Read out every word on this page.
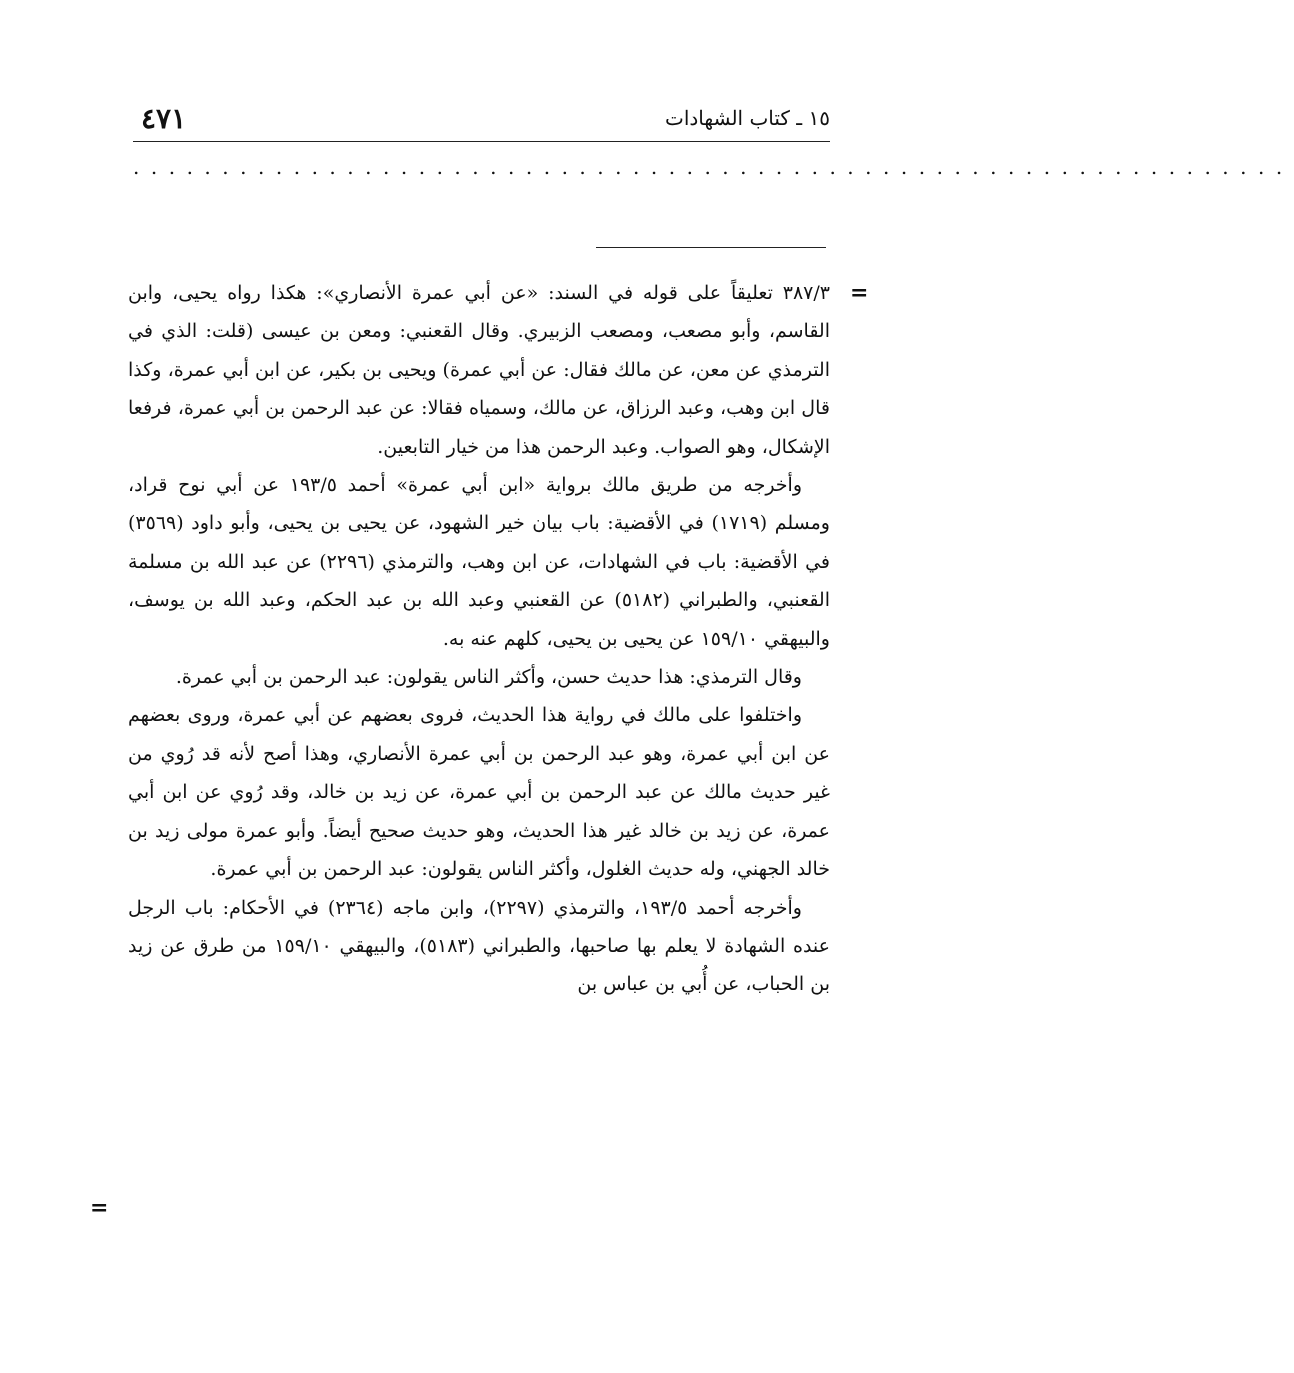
٤٧١	١٥ ـ كتاب الشهادات
.................................................................
=
=

٣٨٧/٣ تعليقاً على قوله في السند: «عن أبي عمرة الأنصاري»: هكذا رواه يحيى، وابن القاسم، وأبو مصعب، ومصعب الزبيري. وقال القعنبي: ومعن بن عيسى (قلت: الذي في الترمذي عن معن، عن مالك فقال: عن أبي عمرة) ويحيى بن بكير، عن ابن أبي عمرة، وكذا قال ابن وهب، وعبد الرزاق، عن مالك، وسمياه فقالا: عن عبد الرحمن بن أبي عمرة، فرفعا الإشكال، وهو الصواب. وعبد الرحمن هذا من خيار التابعين.

وأخرجه من طريق مالك برواية «ابن أبي عمرة» أحمد ١٩٣/٥ عن أبي نوح قراد، ومسلم (١٧١٩) في الأقضية: باب بيان خير الشهود، عن يحيى بن يحيى، وأبو داود (٣٥٦٩) في الأقضية: باب في الشهادات، عن ابن وهب، والترمذي (٢٢٩٦) عن عبد الله بن مسلمة القعنبي، والطبراني (٥١٨٢) عن القعنبي وعبد الله بن عبد الحكم، وعبد الله بن يوسف، والبيهقي ١٥٩/١٠ عن يحيى بن يحيى، كلهم عنه به.

وقال الترمذي: هذا حديث حسن، وأكثر الناس يقولون: عبد الرحمن بن أبي عمرة.

واختلفوا على مالك في رواية هذا الحديث، فروى بعضهم عن أبي عمرة، وروى بعضهم عن ابن أبي عمرة، وهو عبد الرحمن بن أبي عمرة الأنصاري، وهذا أصح لأنه قد رُوي من غير حديث مالك عن عبد الرحمن بن أبي عمرة، عن زيد بن خالد، وقد رُوي عن ابن أبي عمرة، عن زيد بن خالد غير هذا الحديث، وهو حديث صحيح أيضاً. وأبو عمرة مولى زيد بن خالد الجهني، وله حديث الغلول، وأكثر الناس يقولون: عبد الرحمن بن أبي عمرة.

وأخرجه أحمد ١٩٣/٥، والترمذي (٢٢٩٧)، وابن ماجه (٢٣٦٤) في الأحكام: باب الرجل عنده الشهادة لا يعلم بها صاحبها، والطبراني (٥١٨٣)، والبيهقي ١٥٩/١٠ من طرق عن زيد بن الحباب، عن أُبي بن عباس بن
